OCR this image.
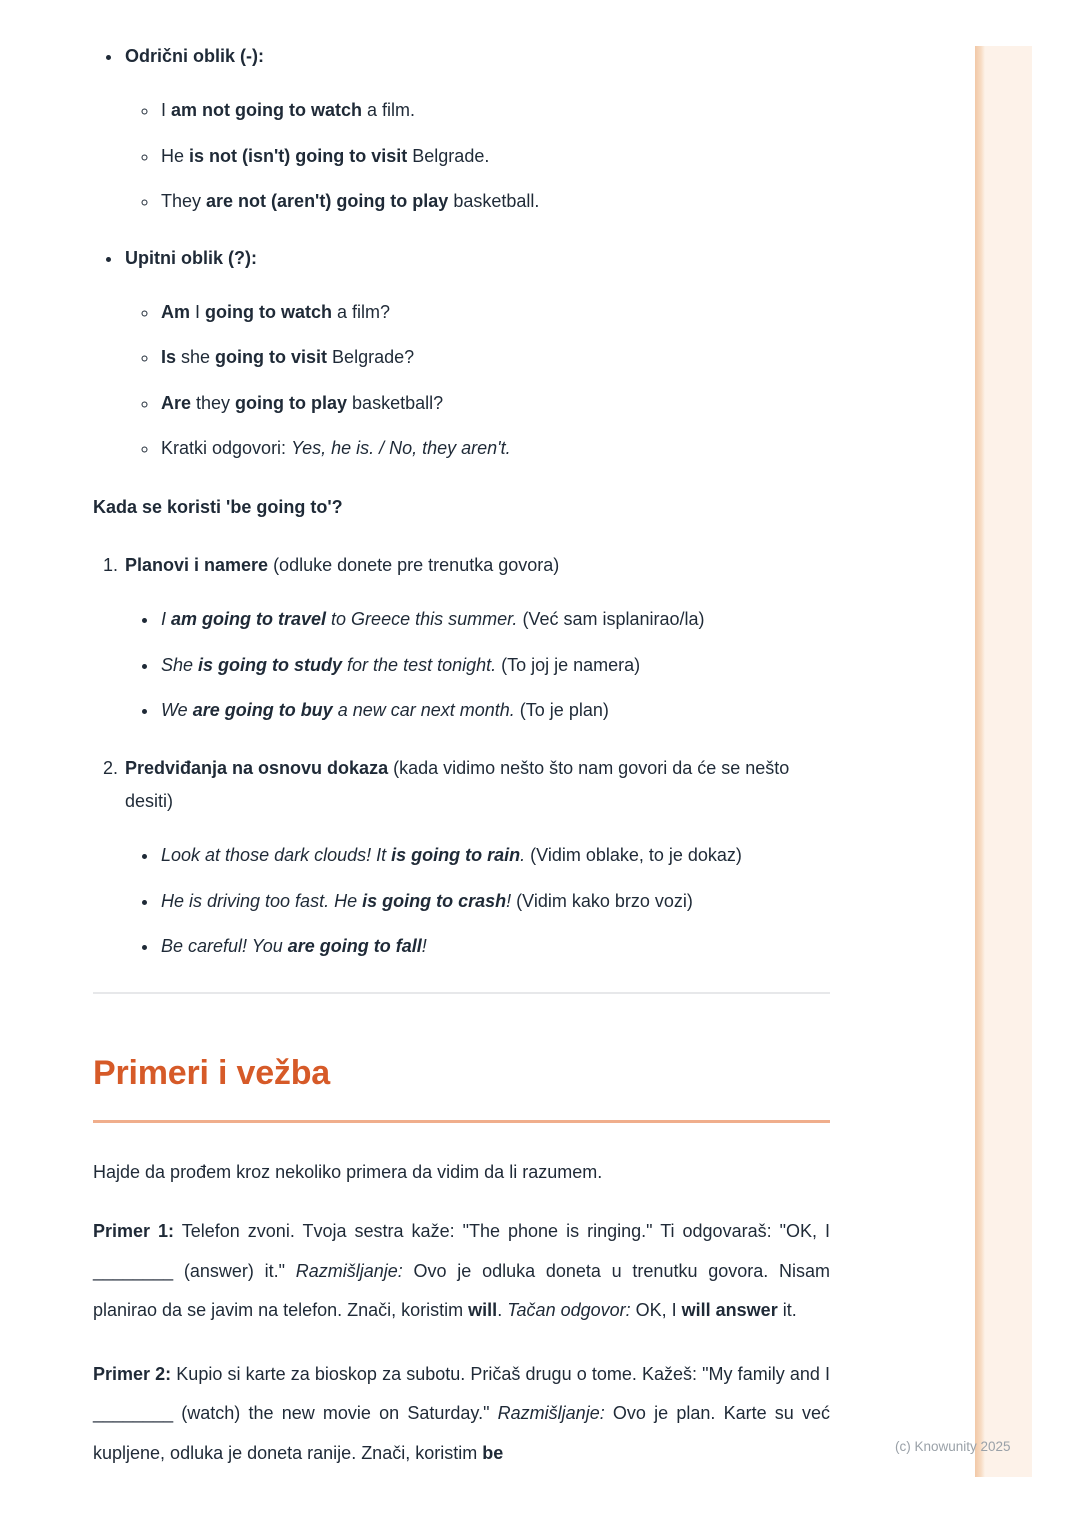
• Odrični oblik (-):
◦ I am not going to watch a film.
◦ He is not (isn't) going to visit Belgrade.
◦ They are not (aren't) going to play basketball.
• Upitni oblik (?):
◦ Am I going to watch a film?
◦ Is she going to visit Belgrade?
◦ Are they going to play basketball?
◦ Kratki odgovori: Yes, he is. / No, they aren't.

Kada se koristi 'be going to'?

1. Planovi i namere (odluke donete pre trenutka govora)
• I am going to travel to Greece this summer. (Već sam isplanirao/la)
• She is going to study for the test tonight. (To joj je namera)
• We are going to buy a new car next month. (To je plan)
2. Predviđanja na osnovu dokaza (kada vidimo nešto što nam govori da će se nešto desiti)
• Look at those dark clouds! It is going to rain. (Vidim oblake, to je dokaz)
• He is driving too fast. He is going to crash! (Vidim kako brzo vozi)
• Be careful! You are going to fall!
Primeri i vežba

Hajde da prođem kroz nekoliko primera da vidim da li razumem.

Primer 1: Telefon zvoni. Tvoja sestra kaže: "The phone is ringing." Ti odgovaraš: "OK, I ________ (answer) it." Razmišljanje: Ovo je odluka doneta u trenutku govora. Nisam planirao da se javim na telefon. Znači, koristim will. Tačan odgovor: OK, I will answer it.

Primer 2: Kupio si karte za bioskop za subotu. Pričaš drugu o tome. Kažeš: "My family and I ________ (watch) the new movie on Saturday." Razmišljanje: Ovo je plan. Karte su već kupljene, odluka je doneta ranije. Znači, koristim be	(c) Knowunity 2025
